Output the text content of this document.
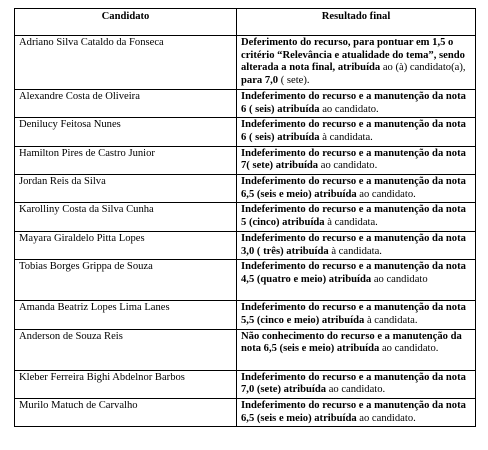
Candidato	Resultado final
Adriano Silva Cataldo da Fonseca	Deferimento do recurso, para pontuar em 1,5 o critério “Relevância e atualidade do tema”, sendo alterada a nota final, atribuída ao (à) candidato(a), para 7,0 ( sete).
Alexandre Costa de Oliveira	Indeferimento do recurso e a manutenção da nota 6 ( seis) atribuída ao candidato.
Denilucy Feitosa Nunes	Indeferimento do recurso e a manutenção da nota 6 ( seis) atribuída à candidata.
Hamilton Pires de Castro Junior	Indeferimento do recurso e a manutenção da nota 7( sete) atribuída ao candidato.
Jordan Reis da Silva	Indeferimento do recurso e a manutenção da nota 6,5 (seis e meio) atribuída ao candidato.
Karolliny Costa da Silva Cunha	Indeferimento do recurso e a manutenção da nota 5 (cinco) atribuída à candidata.
Mayara Giraldelo Pitta Lopes	Indeferimento do recurso e a manutenção da nota 3,0 ( três) atribuída à candidata.
Tobias Borges Grippa de Souza	Indeferimento do recurso e a manutenção da nota 4,5 (quatro e meio) atribuída ao candidato
Amanda Beatriz Lopes Lima Lanes	Indeferimento do recurso e a manutenção da nota 5,5 (cinco e meio) atribuída à candidata.
Anderson de Souza Reis	Não conhecimento do recurso e a manutenção da nota 6,5 (seis e meio) atribuída ao candidato.
Kleber Ferreira Bighi Abdelnor Barbos	Indeferimento do recurso e a manutenção da nota 7,0 (sete) atribuída ao candidato.
Murilo Matuch de Carvalho	Indeferimento do recurso e a manutenção da nota 6,5 (seis e meio) atribuída ao candidato.
